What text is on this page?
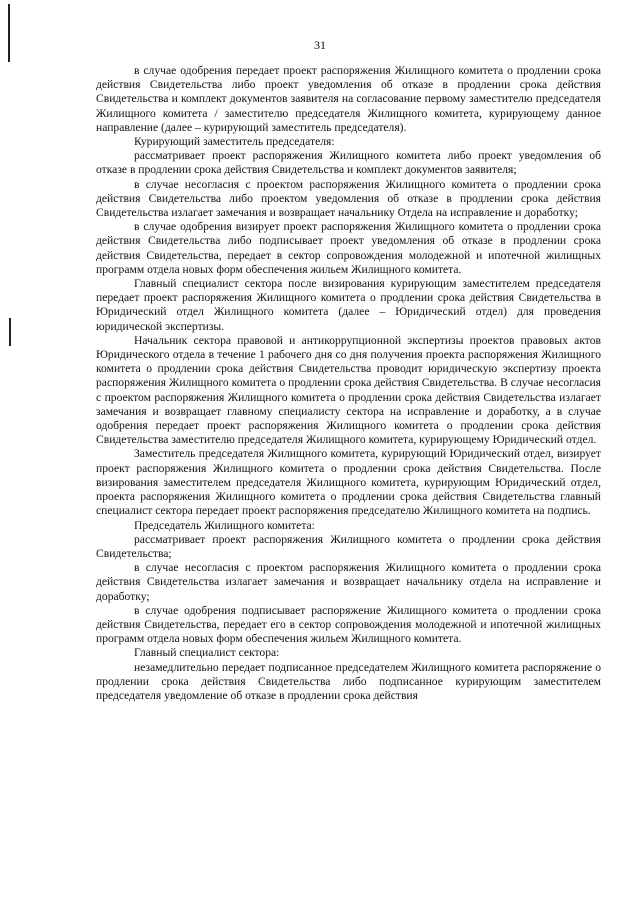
31

в случае одобрения передает проект распоряжения Жилищного комитета о продлении срока действия Свидетельства либо проект уведомления об отказе в продлении срока действия Свидетельства и комплект документов заявителя на согласование первому заместителю председателя Жилищного комитета / заместителю председателя Жилищного комитета, курирующему данное направление (далее – курирующий заместитель председателя).

Курирующий заместитель председателя:

рассматривает проект распоряжения Жилищного комитета либо проект уведомления об отказе в продлении срока действия Свидетельства и комплект документов заявителя;

в случае несогласия с проектом распоряжения Жилищного комитета о продлении срока действия Свидетельства либо проектом уведомления об отказе в продлении срока действия Свидетельства излагает замечания и возвращает начальнику Отдела на исправление и доработку;

в случае одобрения визирует проект распоряжения Жилищного комитета о продлении срока действия Свидетельства либо подписывает проект уведомления об отказе в продлении срока действия Свидетельства, передает в сектор сопровождения молодежной и ипотечной жилищных программ отдела новых форм обеспечения жильем Жилищного комитета.

Главный специалист сектора после визирования курирующим заместителем председателя передает проект распоряжения Жилищного комитета о продлении срока действия Свидетельства в Юридический отдел Жилищного комитета (далее – Юридический отдел) для проведения юридической экспертизы.

Начальник сектора правовой и антикоррупционной экспертизы проектов правовых актов Юридического отдела в течение 1 рабочего дня со дня получения проекта распоряжения Жилищного комитета о продлении срока действия Свидетельства проводит юридическую экспертизу проекта распоряжения Жилищного комитета о продлении срока действия Свидетельства. В случае несогласия с проектом распоряжения Жилищного комитета о продлении срока действия Свидетельства излагает замечания и возвращает главному специалисту сектора на исправление и доработку, а в случае одобрения передает проект распоряжения Жилищного комитета о продлении срока действия Свидетельства заместителю председателя Жилищного комитета, курирующему Юридический отдел.

Заместитель председателя Жилищного комитета, курирующий Юридический отдел, визирует проект распоряжения Жилищного комитета о продлении срока действия Свидетельства. После визирования заместителем председателя Жилищного комитета, курирующим Юридический отдел, проекта распоряжения Жилищного комитета о продлении срока действия Свидетельства главный специалист сектора передает проект распоряжения председателю Жилищного комитета на подпись.

Председатель Жилищного комитета:

рассматривает проект распоряжения Жилищного комитета о продлении срока действия Свидетельства;

в случае несогласия с проектом распоряжения Жилищного комитета о продлении срока действия Свидетельства излагает замечания и возвращает начальнику отдела на исправление и доработку;

в случае одобрения подписывает распоряжение Жилищного комитета о продлении срока действия Свидетельства, передает его в сектор сопровождения молодежной и ипотечной жилищных программ отдела новых форм обеспечения жильем Жилищного комитета.

Главный специалист сектора:

незамедлительно передает подписанное председателем Жилищного комитета распоряжение о продлении срока действия Свидетельства либо подписанное курирующим заместителем председателя уведомление об отказе в продлении срока действия
